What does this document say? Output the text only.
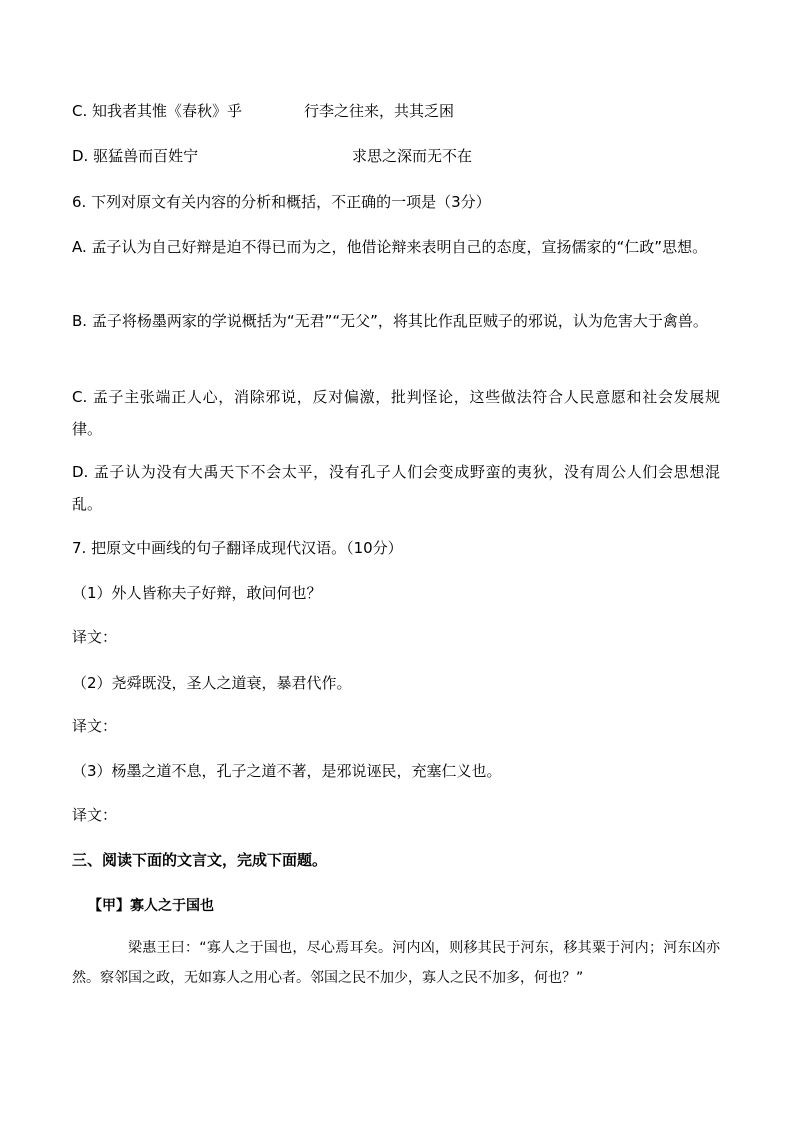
C. 知我者其惟《春秋》乎	行李之往来，共其乏困
D. 驱猛兽而百姓宁	求思之深而无不在
6. 下列对原文有关内容的分析和概括，不正确的一项是（3分）
A. 孟子认为自己好辩是迫不得已而为之，他借论辩来表明自己的态度，宣扬儒家的“仁政”思想。
B. 孟子将杨墨两家的学说概括为“无君”“无父”，将其比作乱臣贼子的邪说，认为危害大于禽兽。
C. 孟子主张端正人心，消除邪说，反对偏激，批判怪论，这些做法符合人民意愿和社会发展规律。
D. 孟子认为没有大禹天下不会太平，没有孔子人们会变成野蛮的夷狄，没有周公人们会思想混乱。
7. 把原文中画线的句子翻译成现代汉语。（10分）
（1）外人皆称夫子好辩，敢问何也？
译文：
（2）尧舜既没，圣人之道衰，暴君代作。
译文：
（3）杨墨之道不息，孔子之道不著，是邪说诬民，充塞仁义也。
译文：
三、阅读下面的文言文，完成下面题。
【甲】寡人之于国也
梁惠王曰：“寡人之于国也，尽心焉耳矣。河内凶，则移其民于河东，移其粟于河内；河东凶亦然。察邻国之政，无如寡人之用心者。邻国之民不加少，寡人之民不加多，何也？”
